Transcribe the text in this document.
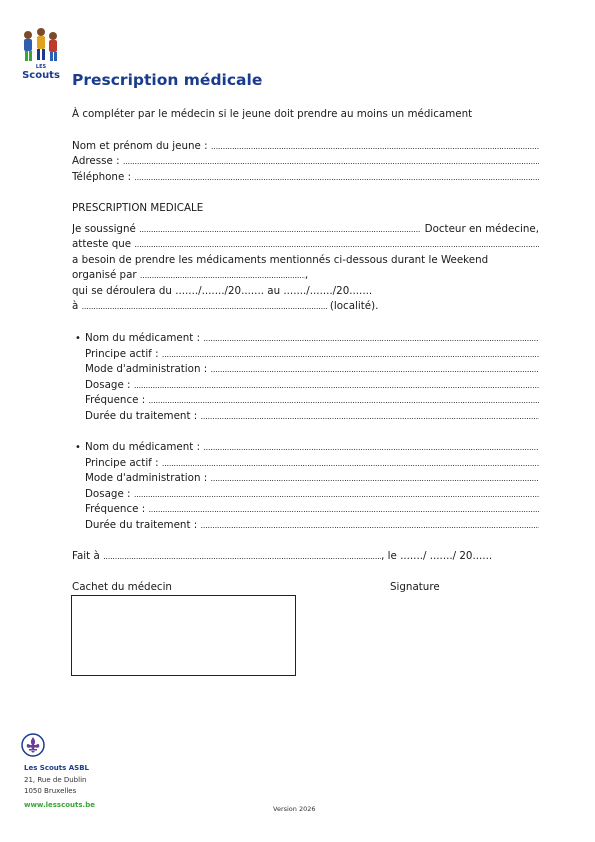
LES
Scouts Prescription médicale
À compléter par le médecin si le jeune doit prendre au moins un médicament
Nom et prénom du jeune :

.....
Adresse :

.....
Téléphone :

.....
PRESCRIPTION MEDICALE
Je soussigné
.....
	Docteur en médecine,
atteste que

.....
a besoin de prendre les médicaments mentionnés ci-dessous durant le Weekend
organisé par
.....	,
qui se déroulera du ......./......./20....... au ......./......./20.......
à
.....
	(localité).
• Nom du médicament :

.....
Principe actif :

.....
Mode d'administration :

.....
Dosage :

.....
Fréquence :

.....
Durée du traitement :

.....
• Nom du médicament :

.....
Principe actif :

.....
Mode d'administration :

.....
Dosage :

.....
Fréquence :

.....
Durée du traitement :

.....
Fait à
.....	, le ......./ ......./ 20......
Cachet du médecin	Signature
Les Scouts ASBL
21, Rue de Dublin
1050 Bruxelles
www.lesscouts.be	Version 2026
